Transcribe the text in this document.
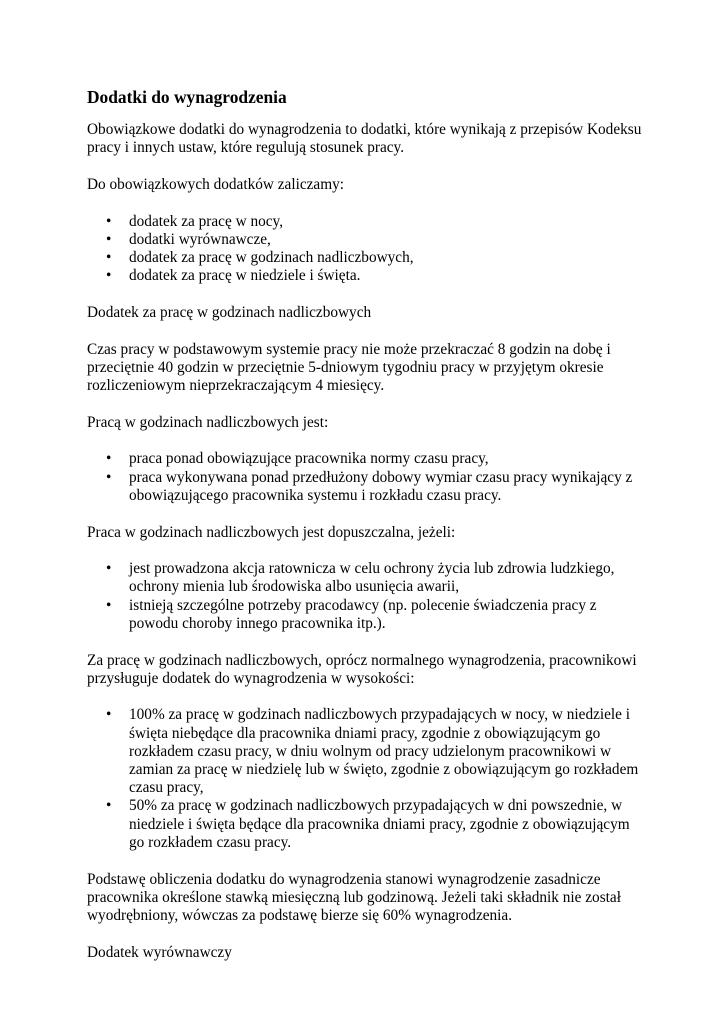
Dodatki do wynagrodzenia

Obowiązkowe dodatki do wynagrodzenia to dodatki, które wynikają z przepisów Kodeksu pracy i innych ustaw, które regulują stosunek pracy.

Do obowiązkowych dodatków zaliczamy:

• dodatek za pracę w nocy,
• dodatki wyrównawcze,
• dodatek za pracę w godzinach nadliczbowych,
• dodatek za pracę w niedziele i święta.

Dodatek za pracę w godzinach nadliczbowych

Czas pracy w podstawowym systemie pracy nie może przekraczać 8 godzin na dobę i przeciętnie 40 godzin w przeciętnie 5-dniowym tygodniu pracy w przyjętym okresie rozliczeniowym nieprzekraczającym 4 miesięcy.

Pracą w godzinach nadliczbowych jest:

• praca ponad obowiązujące pracownika normy czasu pracy,
• praca wykonywana ponad przedłużony dobowy wymiar czasu pracy wynikający z obowiązującego pracownika systemu i rozkładu czasu pracy.

Praca w godzinach nadliczbowych jest dopuszczalna, jeżeli:

• jest prowadzona akcja ratownicza w celu ochrony życia lub zdrowia ludzkiego, ochrony mienia lub środowiska albo usunięcia awarii,
• istnieją szczególne potrzeby pracodawcy (np. polecenie świadczenia pracy z powodu choroby innego pracownika itp.).

Za pracę w godzinach nadliczbowych, oprócz normalnego wynagrodzenia, pracownikowi przysługuje dodatek do wynagrodzenia w wysokości:

• 100% za pracę w godzinach nadliczbowych przypadających w nocy, w niedziele i święta niebędące dla pracownika dniami pracy, zgodnie z obowiązującym go rozkładem czasu pracy, w dniu wolnym od pracy udzielonym pracownikowi w zamian za pracę w niedzielę lub w święto, zgodnie z obowiązującym go rozkładem czasu pracy,
• 50% za pracę w godzinach nadliczbowych przypadających w dni powszednie, w niedziele i święta będące dla pracownika dniami pracy, zgodnie z obowiązującym go rozkładem czasu pracy.

Podstawę obliczenia dodatku do wynagrodzenia stanowi wynagrodzenie zasadnicze pracownika określone stawką miesięczną lub godzinową. Jeżeli taki składnik nie został wyodrębniony, wówczas za podstawę bierze się 60% wynagrodzenia.

Dodatek wyrównawczy
